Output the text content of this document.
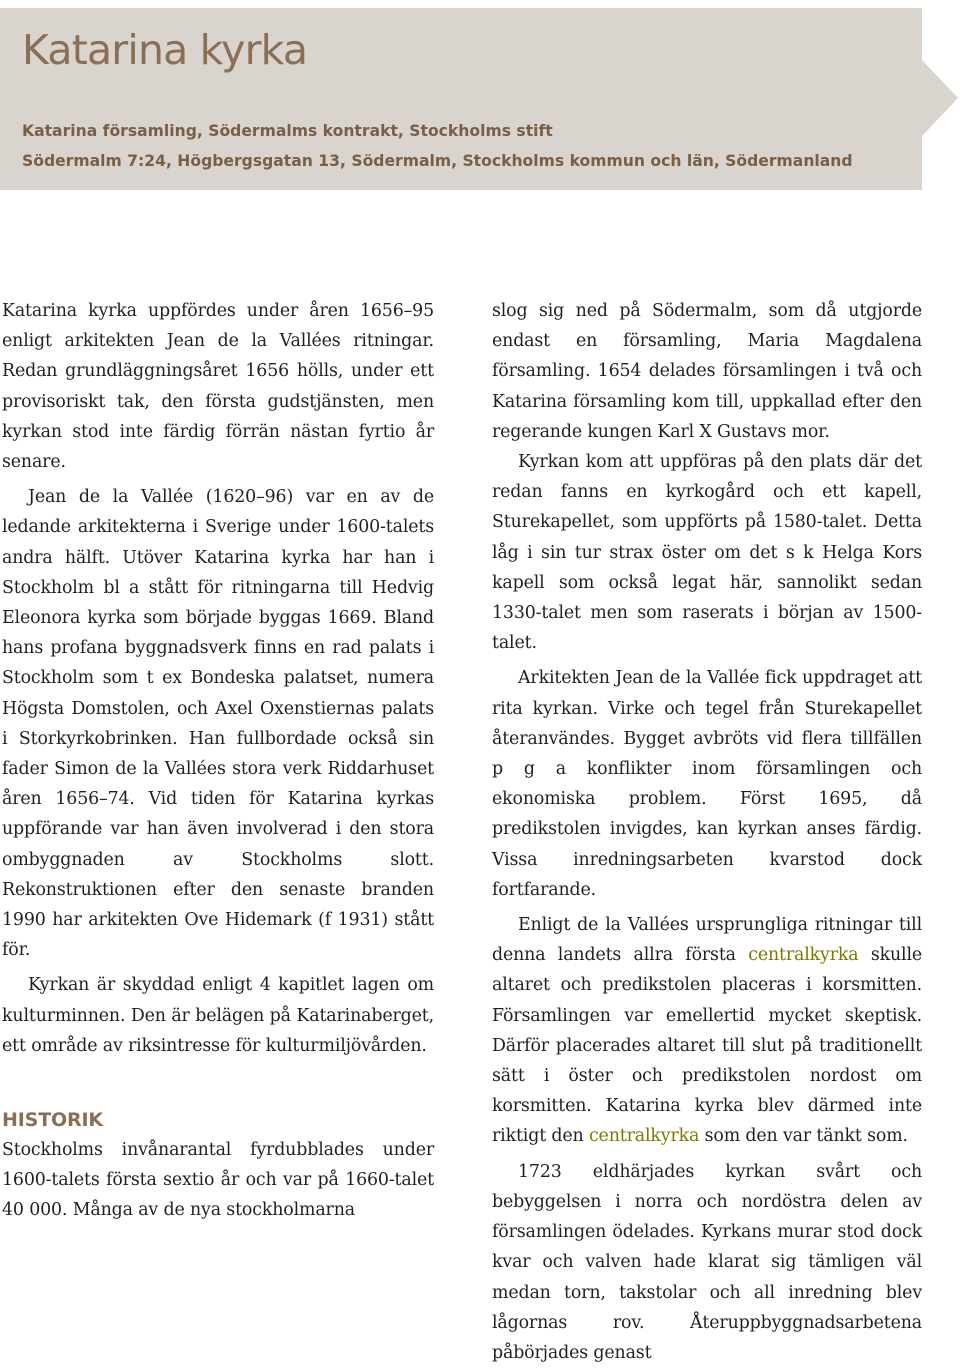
Katarina kyrka

Katarina församling, Södermalms kontrakt, Stockholms stift

Södermalm 7:24, Högbergsgatan 13, Södermalm, Stockholms kommun och län, Södermanland

Katarina kyrka uppfördes under åren 1656–95 enligt arkitekten Jean de la Vallées ritningar. Redan grundläggningsåret 1656 hölls, under ett provisoriskt tak, den första gudstjänsten, men kyrkan stod inte färdig förrän nästan fyrtio år senare.

Jean de la Vallée (1620–96) var en av de ledande arkitekterna i Sverige under 1600-talets andra hälft. Utöver Katarina kyrka har han i Stockholm bl a stått för ritningarna till Hedvig Eleonora kyrka som började byggas 1669. Bland hans profana byggnadsverk finns en rad palats i Stockholm som t ex Bondeska palatset, numera Högsta Domstolen, och Axel Oxenstiernas palats i Storkyrkobrinken. Han fullbordade också sin fader Simon de la Vallées stora verk Riddarhuset åren 1656–74. Vid tiden för Katarina kyrkas uppförande var han även involverad i den stora ombyggnaden av Stockholms slott. Rekonstruktionen efter den senaste branden 1990 har arkitekten Ove Hidemark (f 1931) stått för.

Kyrkan är skyddad enligt 4 kapitlet lagen om kulturminnen. Den är belägen på Katarinaberget, ett område av riksintresse för kulturmiljövården.

HISTORIK

Stockholms invånarantal fyrdubblades under 1600-talets första sextio år och var på 1660-talet 40 000. Många av de nya stockholmarna

slog sig ned på Södermalm, som då utgjorde endast en församling, Maria Magdalena församling. 1654 delades församlingen i två och Katarina församling kom till, uppkallad efter den regerande kungen Karl X Gustavs mor.

Kyrkan kom att uppföras på den plats där det redan fanns en kyrkogård och ett kapell, Sturekapellet, som uppförts på 1580-talet. Detta låg i sin tur strax öster om det s k Helga Kors kapell som också legat här, sannolikt sedan 1330-talet men som raserats i början av 1500-talet.

Arkitekten Jean de la Vallée fick uppdraget att rita kyrkan. Virke och tegel från Sturekapellet återanvändes. Bygget avbröts vid flera tillfällen p g a konflikter inom församlingen och ekonomiska problem. Först 1695, då predikstolen invigdes, kan kyrkan anses färdig. Vissa inredningsarbeten kvarstod dock fortfarande.

Enligt de la Vallées ursprungliga ritningar till denna landets allra första centralkyrka skulle altaret och predikstolen placeras i korsmitten. Församlingen var emellertid mycket skeptisk. Därför placerades altaret till slut på traditionellt sätt i öster och predikstolen nordost om korsmitten. Katarina kyrka blev därmed inte riktigt den centralkyrka som den var tänkt som.

1723 eldhärjades kyrkan svårt och bebyggelsen i norra och nordöstra delen av församlingen ödelades. Kyrkans murar stod dock kvar och valven hade klarat sig tämligen väl medan torn, takstolar och all inredning blev lågornas rov. Återuppbyggnadsarbetena påbörjades genast
